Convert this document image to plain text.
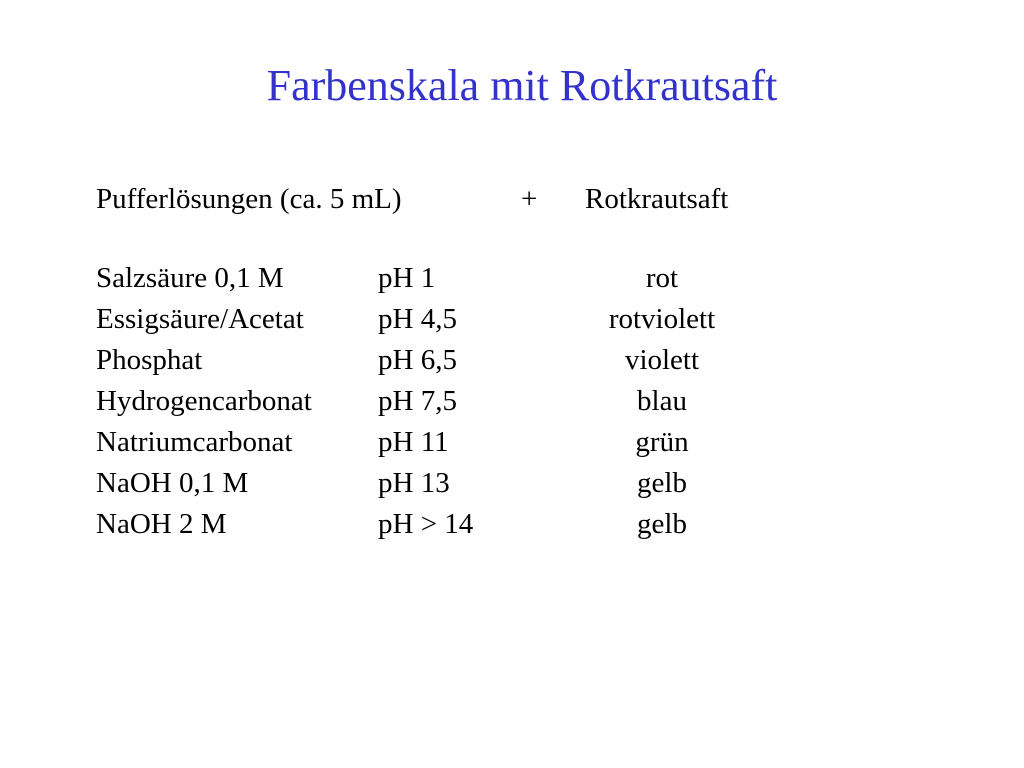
Farbenskala mit Rotkrautsaft
Pufferlösungen (ca. 5 mL)	+ Rotkrautsaft
Salzsäure 0,1 M	pH 1	rot
Essigsäure/Acetat	pH 4,5	rotviolett
Phosphat	pH 6,5	violett
Hydrogencarbonat pH 7,5	blau
Natriumcarbonat	pH 11	grün
NaOH 0,1 M	pH 13	gelb
NaOH 2 M	pH > 14	gelb
